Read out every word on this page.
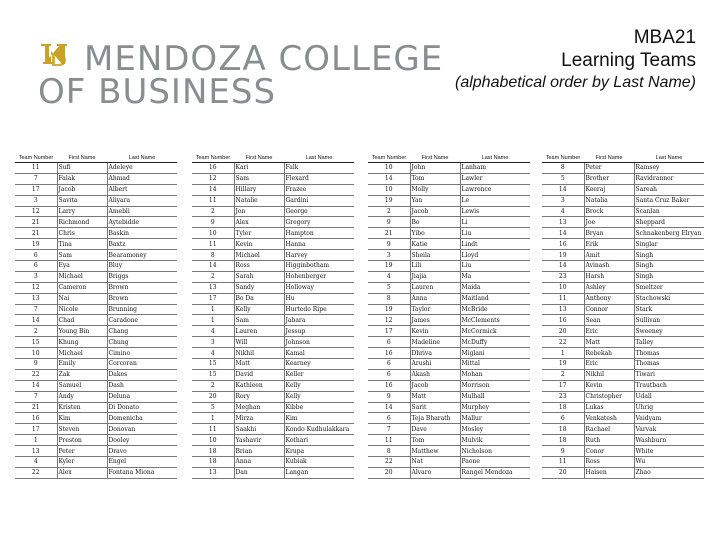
MENDOZA COLLEGE
OF BUSINESS
MBA21
Learning Teams
(alphabetical order by Last Name)
Team Number	First Name	Last Name
11	Sufi	Adeleye
7	Falak	Ahmad
17	Jacob	Albert
3	Savita	Aliyara
12	Larry	Amebli
21	Richmond	Aytebidde
21	Chris	Baskin
19	Tina	Baxtz
6	Sam	Bearamoney
6	Eya	Bluy
3	Michael	Briggs
12	Cameron	Brown
13	Nai	Brown
7	Nicole	Brunning
14	Chad	Caradone
2	Young Bin	Chang
15	Khung	Chung
10	Michael	Cimino
9	Emily	Corcoran
22	Zak	Dakes
14	Samuel	Dash
7	Andy	Deluna
21	Kristen	Di Donato
16	Kim	Domenicha
17	Steven	Donovan
1	Preston	Dooley
13	Peter	Dravo
4	Kyler	Engel
22	Alex	Fontana Miona
Team Number	First Name	Last Name
16	Kari	Falk
12	Sam	Flexard
14	Hillary	Frazee
11	Natalie	Gardini
2	Jon	George
9	Alex	Gregory
10	Tyler	Hampton
11	Kevin	Hanna
8	Michael	Harvey
14	Ross	Higginbotham
2	Sarah	Hohenberger
13	Sandy	Holloway
17	Bo Da	Hu
1	Kelly	Hurtedo Ripe
1	Sam	Jabara
4	Lauren	Jessup
3	Will	Johnson
4	Nikhil	Kamal
15	Matt	Kearney
15	David	Keller
2	Kathleen	Kelly
20	Rory	Kelly
5	Meghan	Kibbe
1	Mirza	Kim
11	Saakhi	Kondo Kudhulakkara
10	Yashavir	Kothari
18	Brian	Krupa
18	Anna	Kubiak
13	Dan	Langan
Team Number	First Name	Last Name
10	John	Lanham
14	Tom	Lawler
10	Molly	Lawrence
19	Yan	Le
2	Jacob	Lewis
9	Bo	Li
21	Yibo	Liu
9	Katie	Lindt
3	Sheila	Lloyd
19	Lili	Liu
4	Jiajia	Ma
5	Lauren	Maida
8	Anna	Maitland
19	Taylor	McBride
12	James	McClements
17	Kevin	McCormick
6	Madeline	McDuffy
16	Dhriva	Miglani
6	Arushi	Mittal
6	Akash	Mohan
16	Jacob	Morrison
9	Matt	Mulhall
14	Sarit	Murphey
6	Teja Bharath	Mallur
7	Dave	Mosley
11	Tom	Mulvik
8	Matthew	Nicholson
22	Nat	Paone
20	Alvaro	Rangel Mendoza
Team Number	First Name	Last Name
8	Peter	Ramsey
5	Brother	Ravidrannor
14	Keeraj	Sareah
3	Natalia	Santa Cruz Baker
4	Brock	Scanlan
13	Joe	Sheppard
14	Bryan	Schnakenberg Elryan
16	Erik	Singlar
19	Amit	Singh
14	Avinash	Singh
23	Harsh	Singh
10	Ashley	Smeltzer
11	Anthony	Stachowski
13	Connor	Stark
16	Sean	Sullivan
20	Eric	Sweeney
22	Matt	Talley
1	Rebekah	Thomas
19	Eric	Thomas
2	Nikhil	Tiwari
17	Kevin	Trautbach
23	Christopher	Udall
18	Lukas	Uhrig
6	Venkatesh	Vaidyam
18	Rachael	Varvak
18	Ruth	Washburn
9	Conor	White
11	Ross	Wu
20	Haisen	Zhao
